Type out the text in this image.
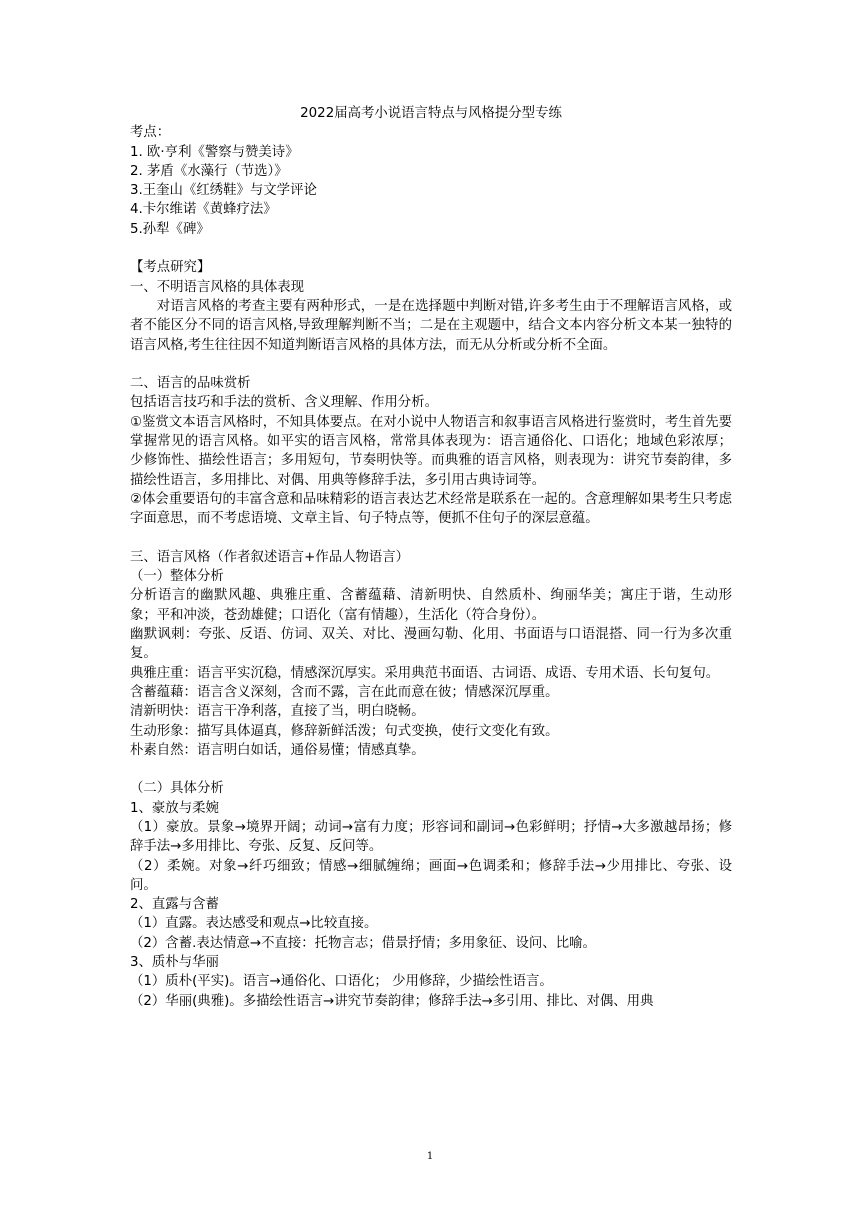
2022届高考小说语言特点与风格提分型专练
考点：
1. 欧·亨利《警察与赞美诗》
2. 茅盾《水藻行（节选）》
3.王奎山《红绣鞋》与文学评论
4.卡尔维诺《黄蜂疗法》
5.孙犁《碑》
【考点研究】
一、不明语言风格的具体表现
对语言风格的考查主要有两种形式，一是在选择题中判断对错,许多考生由于不理解语言风格，或者不能区分不同的语言风格,导致理解判断不当；二是在主观题中，结合文本内容分析文本某一独特的语言风格,考生往往因不知道判断语言风格的具体方法，而无从分析或分析不全面。
二、语言的品味赏析
包括语言技巧和手法的赏析、含义理解、作用分析。
①鉴赏文本语言风格时，不知具体要点。在对小说中人物语言和叙事语言风格进行鉴赏时，考生首先要掌握常见的语言风格。如平实的语言风格，常常具体表现为：语言通俗化、口语化；地域色彩浓厚；少修饰性、描绘性语言；多用短句，节奏明快等。而典雅的语言风格，则表现为：讲究节奏韵律，多描绘性语言，多用排比、对偶、用典等修辞手法，多引用古典诗词等。
②体会重要语句的丰富含意和品味精彩的语言表达艺术经常是联系在一起的。含意理解如果考生只考虑字面意思，而不考虑语境、文章主旨、句子特点等，便抓不住句子的深层意蕴。
三、语言风格（作者叙述语言+作品人物语言）
（一）整体分析
分析语言的幽默风趣、典雅庄重、含蓄蕴藉、清新明快、自然质朴、绚丽华美；寓庄于谐，生动形象；平和冲淡，苍劲雄健；口语化（富有情趣），生活化（符合身份）。
幽默讽刺：夸张、反语、仿词、双关、对比、漫画勾勒、化用、书面语与口语混搭、同一行为多次重复。
典雅庄重：语言平实沉稳，情感深沉厚实。采用典范书面语、古词语、成语、专用术语、长句复句。
含蓄蕴藉：语言含义深刻，含而不露，言在此而意在彼；情感深沉厚重。
清新明快：语言干净利落，直接了当，明白晓畅。
生动形象：描写具体逼真，修辞新鲜活泼；句式变换，使行文变化有致。
朴素自然：语言明白如话，通俗易懂；情感真挚。
（二）具体分析
1、豪放与柔婉
（1）豪放。景象→境界开阔；动词→富有力度；形容词和副词→色彩鲜明；抒情→大多激越昂扬；修辞手法→多用排比、夸张、反复、反问等。
（2）柔婉。对象→纤巧细致；情感→细腻缠绵；画面→色调柔和；修辞手法→少用排比、夸张、设问。
2、直露与含蓄
（1）直露。表达感受和观点→比较直接。
（2）含蓄.表达情意→不直接：托物言志；借景抒情；多用象征、设问、比喻。
3、质朴与华丽
（1）质朴(平实)。语言→通俗化、口语化； 少用修辞，少描绘性语言。
（2）华丽(典雅)。多描绘性语言→讲究节奏韵律；修辞手法→多引用、排比、对偶、用典
1
